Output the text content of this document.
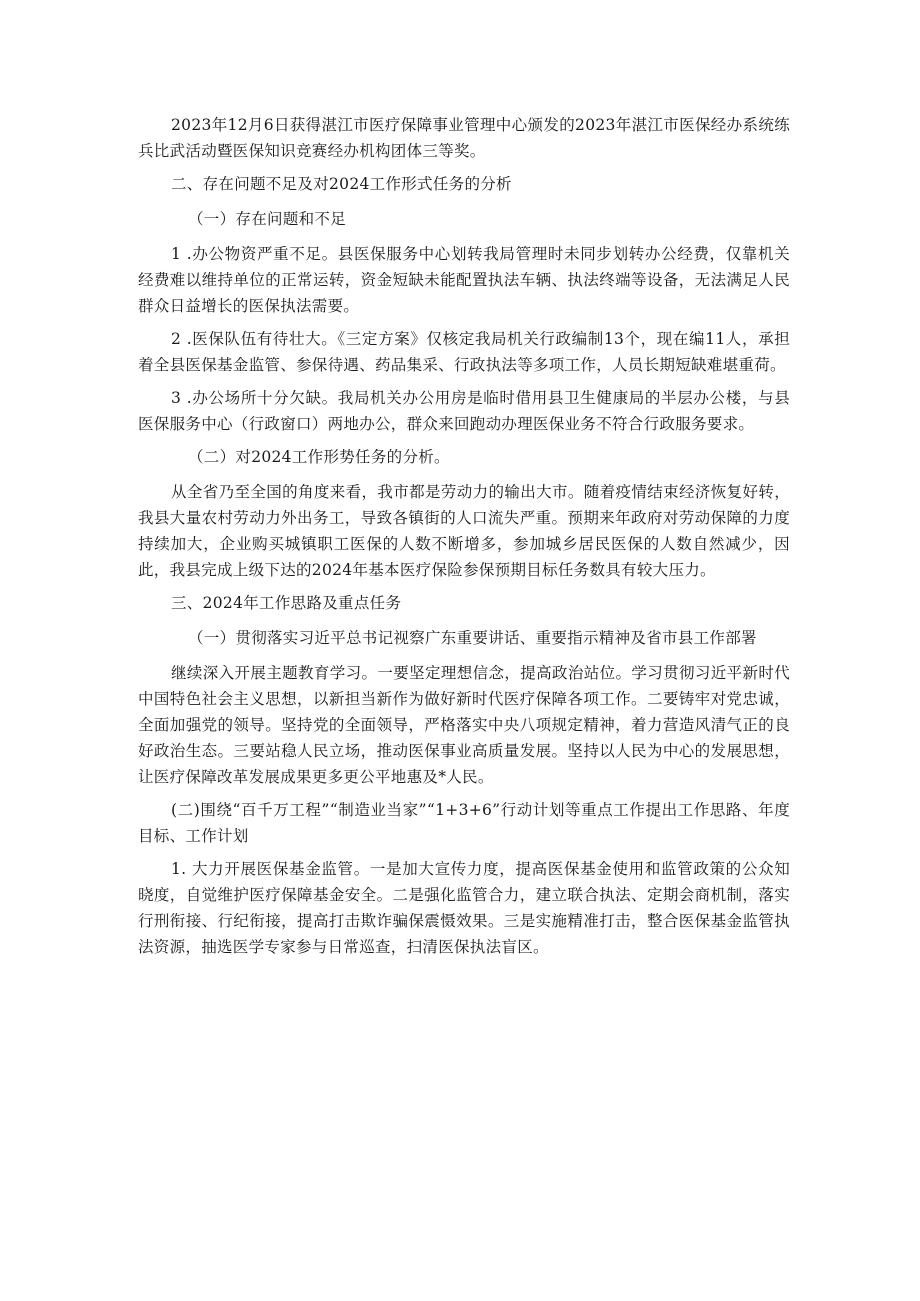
2023年12月6日获得湛江市医疗保障事业管理中心颁发的2023年湛江市医保经办系统练兵比武活动暨医保知识竞赛经办机构团体三等奖。

二、存在问题不足及对2024工作形式任务的分析

（一）存在问题和不足

1 .办公物资严重不足。县医保服务中心划转我局管理时未同步划转办公经费，仅靠机关经费难以维持单位的正常运转，资金短缺未能配置执法车辆、执法终端等设备，无法满足人民群众日益增长的医保执法需要。

2 .医保队伍有待壮大。《三定方案》仅核定我局机关行政编制13个，现在编11人，承担着全县医保基金监管、参保待遇、药品集采、行政执法等多项工作，人员长期短缺难堪重荷。

3 .办公场所十分欠缺。我局机关办公用房是临时借用县卫生健康局的半层办公楼，与县医保服务中心（行政窗口）两地办公，群众来回跑动办理医保业务不符合行政服务要求。

（二）对2024工作形势任务的分析。

从全省乃至全国的角度来看，我市都是劳动力的输出大市。随着疫情结束经济恢复好转，我县大量农村劳动力外出务工，导致各镇街的人口流失严重。预期来年政府对劳动保障的力度持续加大，企业购买城镇职工医保的人数不断增多，参加城乡居民医保的人数自然减少，因此，我县完成上级下达的2024年基本医疗保险参保预期目标任务数具有较大压力。

三、2024年工作思路及重点任务

（一）贯彻落实习近平总书记视察广东重要讲话、重要指示精神及省市县工作部署

继续深入开展主题教育学习。一要坚定理想信念，提高政治站位。学习贯彻习近平新时代中国特色社会主义思想，以新担当新作为做好新时代医疗保障各项工作。二要铸牢对党忠诚，全面加强党的领导。坚持党的全面领导，严格落实中央八项规定精神，着力营造风清气正的良好政治生态。三要站稳人民立场，推动医保事业高质量发展。坚持以人民为中心的发展思想，让医疗保障改革发展成果更多更公平地惠及*人民。

(二)围绕“百千万工程”“制造业当家”“1+3+6”行动计划等重点工作提出工作思路、年度目标、工作计划

1. 大力开展医保基金监管。一是加大宣传力度，提高医保基金使用和监管政策的公众知晓度，自觉维护医疗保障基金安全。二是强化监管合力，建立联合执法、定期会商机制，落实行刑衔接、行纪衔接，提高打击欺诈骗保震慑效果。三是实施精准打击，整合医保基金监管执法资源，抽选医学专家参与日常巡查，扫清医保执法盲区。
